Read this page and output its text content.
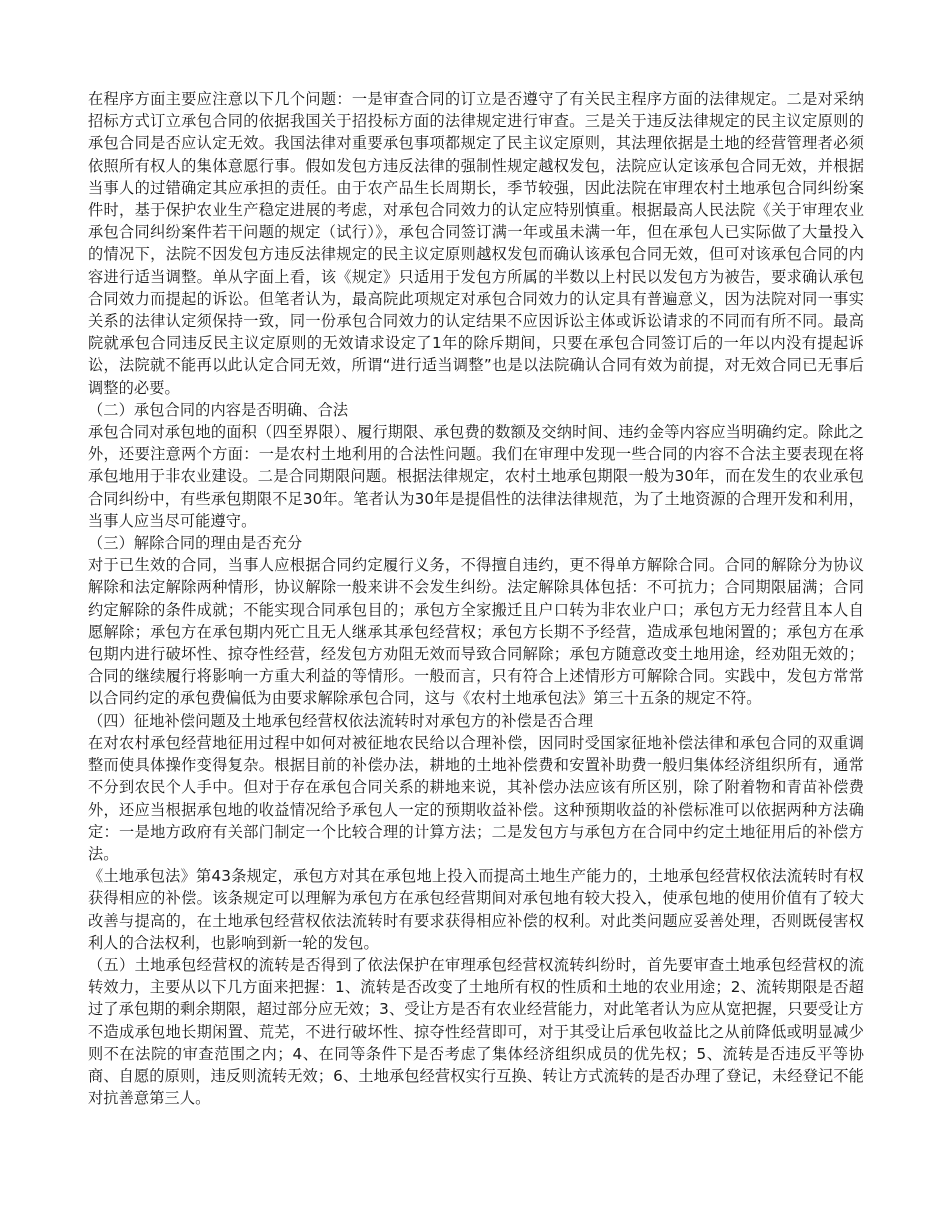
在程序方面主要应注意以下几个问题：一是审查合同的订立是否遵守了有关民主程序方面的法律规定。二是对采纳招标方式订立承包合同的依据我国关于招投标方面的法律规定进行审查。三是关于违反法律规定的民主议定原则的承包合同是否应认定无效。我国法律对重要承包事项都规定了民主议定原则，其法理依据是土地的经营管理者必须依照所有权人的集体意愿行事。假如发包方违反法律的强制性规定越权发包，法院应认定该承包合同无效，并根据当事人的过错确定其应承担的责任。由于农产品生长周期长，季节较强，因此法院在审理农村土地承包合同纠纷案件时，基于保护农业生产稳定进展的考虑，对承包合同效力的认定应特别慎重。根据最高人民法院《关于审理农业承包合同纠纷案件若干问题的规定（试行）》，承包合同签订满一年或虽未满一年，但在承包人已实际做了大量投入的情况下，法院不因发包方违反法律规定的民主议定原则越权发包而确认该承包合同无效，但可对该承包合同的内容进行适当调整。单从字面上看，该《规定》只适用于发包方所属的半数以上村民以发包方为被告，要求确认承包合同效力而提起的诉讼。但笔者认为，最高院此项规定对承包合同效力的认定具有普遍意义，因为法院对同一事实关系的法律认定须保持一致，同一份承包合同效力的认定结果不应因诉讼主体或诉讼请求的不同而有所不同。最高院就承包合同违反民主议定原则的无效请求设定了1年的除斥期间，只要在承包合同签订后的一年以内没有提起诉讼，法院就不能再以此认定合同无效，所谓“进行适当调整”也是以法院确认合同有效为前提，对无效合同已无事后调整的必要。

（二）承包合同的内容是否明确、合法

承包合同对承包地的面积（四至界限）、履行期限、承包费的数额及交纳时间、违约金等内容应当明确约定。除此之外，还要注意两个方面：一是农村土地利用的合法性问题。我们在审理中发现一些合同的内容不合法主要表现在将承包地用于非农业建设。二是合同期限问题。根据法律规定，农村土地承包期限一般为30年，而在发生的农业承包合同纠纷中，有些承包期限不足30年。笔者认为30年是提倡性的法律法律规范，为了土地资源的合理开发和利用，当事人应当尽可能遵守。

（三）解除合同的理由是否充分

对于已生效的合同，当事人应根据合同约定履行义务，不得擅自违约，更不得单方解除合同。合同的解除分为协议解除和法定解除两种情形，协议解除一般来讲不会发生纠纷。法定解除具体包括：不可抗力；合同期限届满；合同约定解除的条件成就；不能实现合同承包目的；承包方全家搬迁且户口转为非农业户口；承包方无力经营且本人自愿解除；承包方在承包期内死亡且无人继承其承包经营权；承包方长期不予经营，造成承包地闲置的；承包方在承包期内进行破坏性、掠夺性经营，经发包方劝阻无效而导致合同解除；承包方随意改变土地用途，经劝阻无效的；合同的继续履行将影响一方重大利益的等情形。一般而言，只有符合上述情形方可解除合同。实践中，发包方常常以合同约定的承包费偏低为由要求解除承包合同，这与《农村土地承包法》第三十五条的规定不符。

（四）征地补偿问题及土地承包经营权依法流转时对承包方的补偿是否合理

在对农村承包经营地征用过程中如何对被征地农民给以合理补偿，因同时受国家征地补偿法律和承包合同的双重调整而使具体操作变得复杂。根据目前的补偿办法，耕地的土地补偿费和安置补助费一般归集体经济组织所有，通常不分到农民个人手中。但对于存在承包合同关系的耕地来说，其补偿办法应该有所区别，除了附着物和青苗补偿费外，还应当根据承包地的收益情况给予承包人一定的预期收益补偿。这种预期收益的补偿标准可以依据两种方法确定：一是地方政府有关部门制定一个比较合理的计算方法；二是发包方与承包方在合同中约定土地征用后的补偿方法。

《土地承包法》第43条规定，承包方对其在承包地上投入而提高土地生产能力的，土地承包经营权依法流转时有权获得相应的补偿。该条规定可以理解为承包方在承包经营期间对承包地有较大投入，使承包地的使用价值有了较大改善与提高的，在土地承包经营权依法流转时有要求获得相应补偿的权利。对此类问题应妥善处理，否则既侵害权利人的合法权利，也影响到新一轮的发包。

（五）土地承包经营权的流转是否得到了依法保护在审理承包经营权流转纠纷时，首先要审查土地承包经营权的流转效力，主要从以下几方面来把握：1、流转是否改变了土地所有权的性质和土地的农业用途；2、流转期限是否超过了承包期的剩余期限，超过部分应无效；3、受让方是否有农业经营能力，对此笔者认为应从宽把握，只要受让方不造成承包地长期闲置、荒芜，不进行破坏性、掠夺性经营即可，对于其受让后承包收益比之从前降低或明显减少则不在法院的审查范围之内；4、在同等条件下是否考虑了集体经济组织成员的优先权；5、流转是否违反平等协商、自愿的原则，违反则流转无效；6、土地承包经营权实行互换、转让方式流转的是否办理了登记，未经登记不能对抗善意第三人。
